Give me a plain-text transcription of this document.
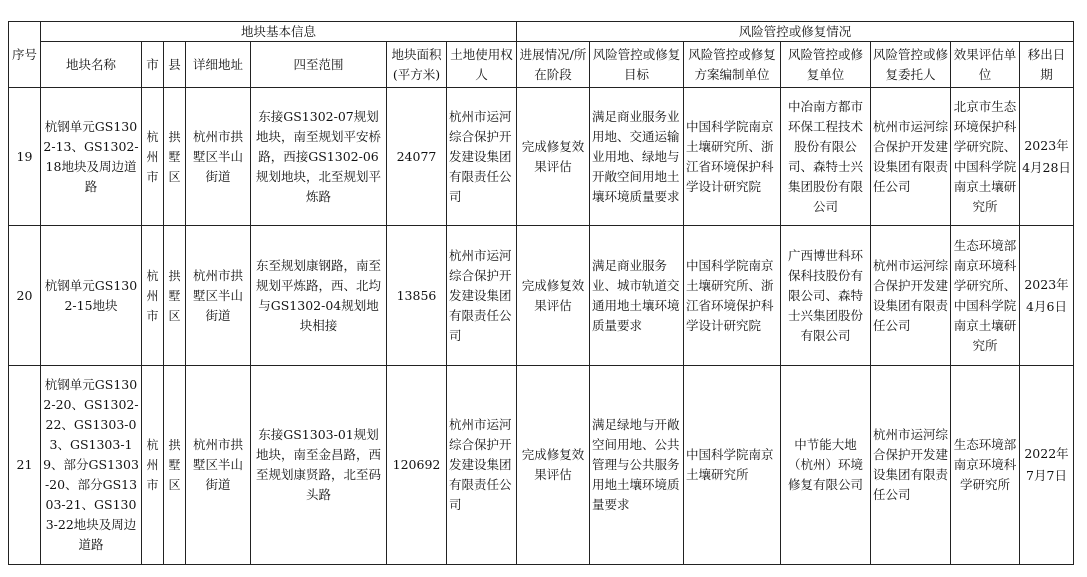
序号	地块基本信息							风险管控或修复情况						
	地块名称	市	县	详细地址	四至范围	地块面积(平方米)	土地使用权人	进展情况/所在阶段	风险管控或修复目标	风险管控或修复方案编制单位	风险管控或修复单位	风险管控或修复委托人	效果评估单位	移出日期
19	杭钢单元GS1302-13、GS1302-18地块及周边道路	杭州市	拱墅区	杭州市拱墅区半山街道	东接GS1302-07规划地块，南至规划平安桥路，西接GS1302-06规划地块，北至规划平炼路	24077	杭州市运河综合保护开发建设集团有限责任公司	完成修复效果评估	满足商业服务业用地、交通运输业用地、绿地与开敞空间用地土壤环境质量要求	中国科学院南京土壤研究所、浙江省环境保护科学设计研究院	中冶南方都市环保工程技术股份有限公司、森特士兴集团股份有限公司	杭州市运河综合保护开发建设集团有限责任公司	北京市生态环境保护科学研究院、中国科学院南京土壤研究所	2023年4月28日
20	杭钢单元GS1302-15地块	杭州市	拱墅区	杭州市拱墅区半山街道	东至规划康钢路，南至规划平炼路，西、北均与GS1302-04规划地块相接	13856	杭州市运河综合保护开发建设集团有限责任公司	完成修复效果评估	满足商业服务业、城市轨道交通用地土壤环境质量要求	中国科学院南京土壤研究所、浙江省环境保护科学设计研究院	广西博世科环保科技股份有限公司、森特士兴集团股份有限公司	杭州市运河综合保护开发建设集团有限责任公司	生态环境部南京环境科学研究所、中国科学院南京土壤研究所	2023年4月6日
21	杭钢单元GS1302-20、GS1302-22、GS1303-03、GS1303-19、部分GS1303-20、部分GS1303-21、GS1303-22地块及周边道路	杭州市	拱墅区	杭州市拱墅区半山街道	东接GS1303-01规划地块，南至金昌路，西至规划康贤路，北至码头路	120692	杭州市运河综合保护开发建设集团有限责任公司	完成修复效果评估	满足绿地与开敞空间用地、公共管理与公共服务用地土壤环境质量要求	中国科学院南京土壤研究所	中节能大地（杭州）环境修复有限公司	杭州市运河综合保护开发建设集团有限责任公司	生态环境部南京环境科学研究所	2022年7月7日
